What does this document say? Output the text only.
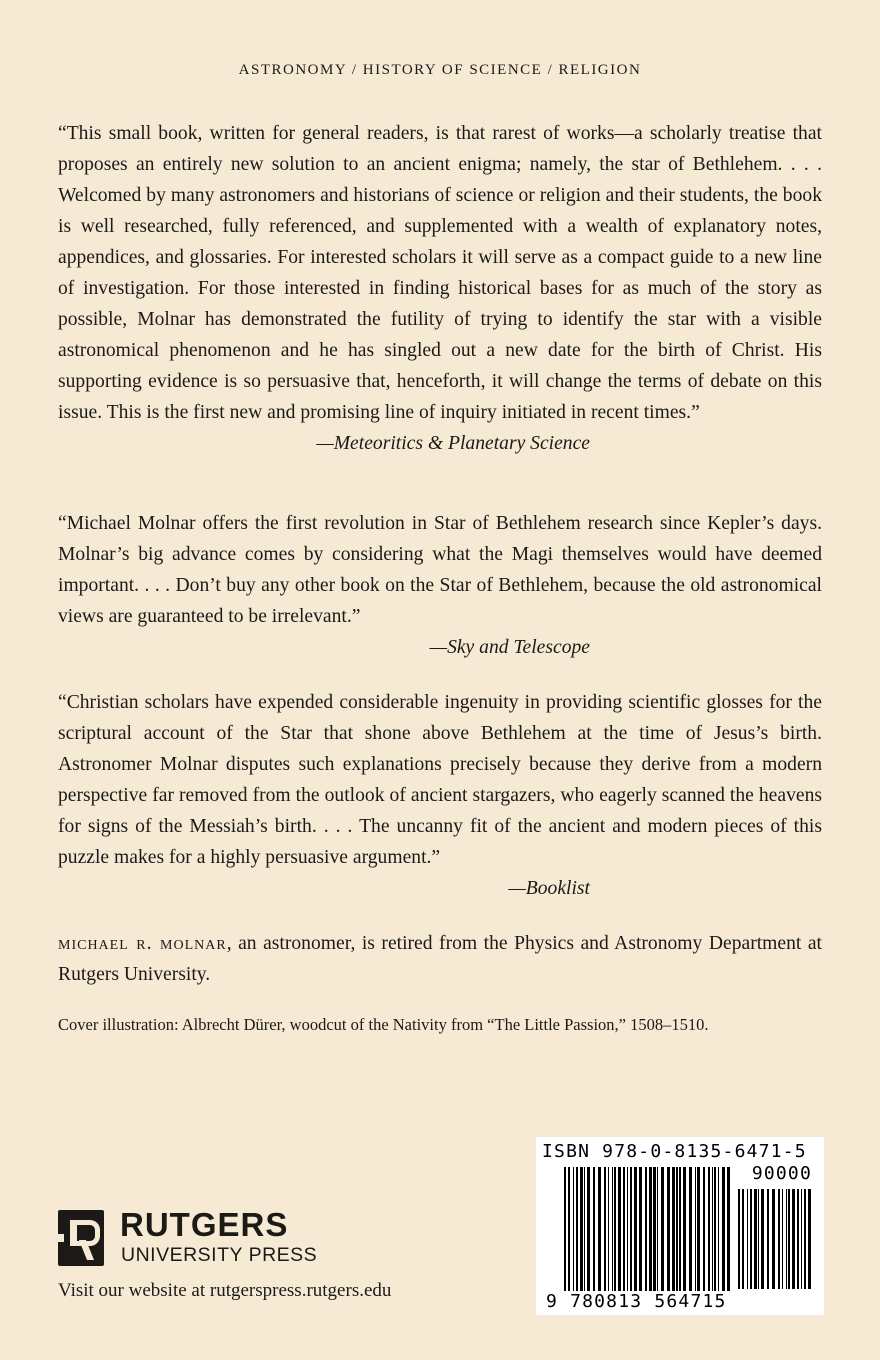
ASTRONOMY / HISTORY OF SCIENCE / RELIGION

“This small book, written for general readers, is that rarest of works—a scholarly treatise that proposes an entirely new solution to an ancient enigma; namely, the star of Bethlehem. . . . Welcomed by many astronomers and historians of science or religion and their students, the book is well researched, fully referenced, and supplemented with a wealth of explanatory notes, appendices, and glossaries. For interested scholars it will serve as a compact guide to a new line of investigation. For those interested in finding historical bases for as much of the story as possible, Molnar has demonstrated the futility of trying to identify the star with a visible astronomical phenomenon and he has singled out a new date for the birth of Christ. His supporting evidence is so persuasive that, henceforth, it will change the terms of debate on this issue. This is the first new and promising line of inquiry initiated in recent times.”

—Meteoritics & Planetary Science

“Michael Molnar offers the first revolution in Star of Bethlehem research since Kepler’s days. Molnar’s big advance comes by considering what the Magi themselves would have deemed important. . . . Don’t buy any other book on the Star of Bethlehem, because the old astronomical views are guaranteed to be irrelevant.”

—Sky and Telescope

“Christian scholars have expended considerable ingenuity in providing scientific glosses for the scriptural account of the Star that shone above Bethlehem at the time of Jesus’s birth. Astronomer Molnar disputes such explanations precisely because they derive from a modern perspective far removed from the outlook of ancient stargazers, who eagerly scanned the heavens for signs of the Messiah’s birth. . . . The uncanny fit of the ancient and modern pieces of this puzzle makes for a highly persuasive argument.”

—Booklist

michael r. molnar, an astronomer, is retired from the Physics and Astronomy Department at Rutgers University.

Cover illustration: Albrecht Dürer, woodcut of the Nativity from “The Little Passion,” 1508–1510.
RUTGERS
UNIVERSITY PRESS
Visit our website at rutgerspress.rutgers.edu
ISBN 978-0-8135-6471-5
90000
9 780813 564715
